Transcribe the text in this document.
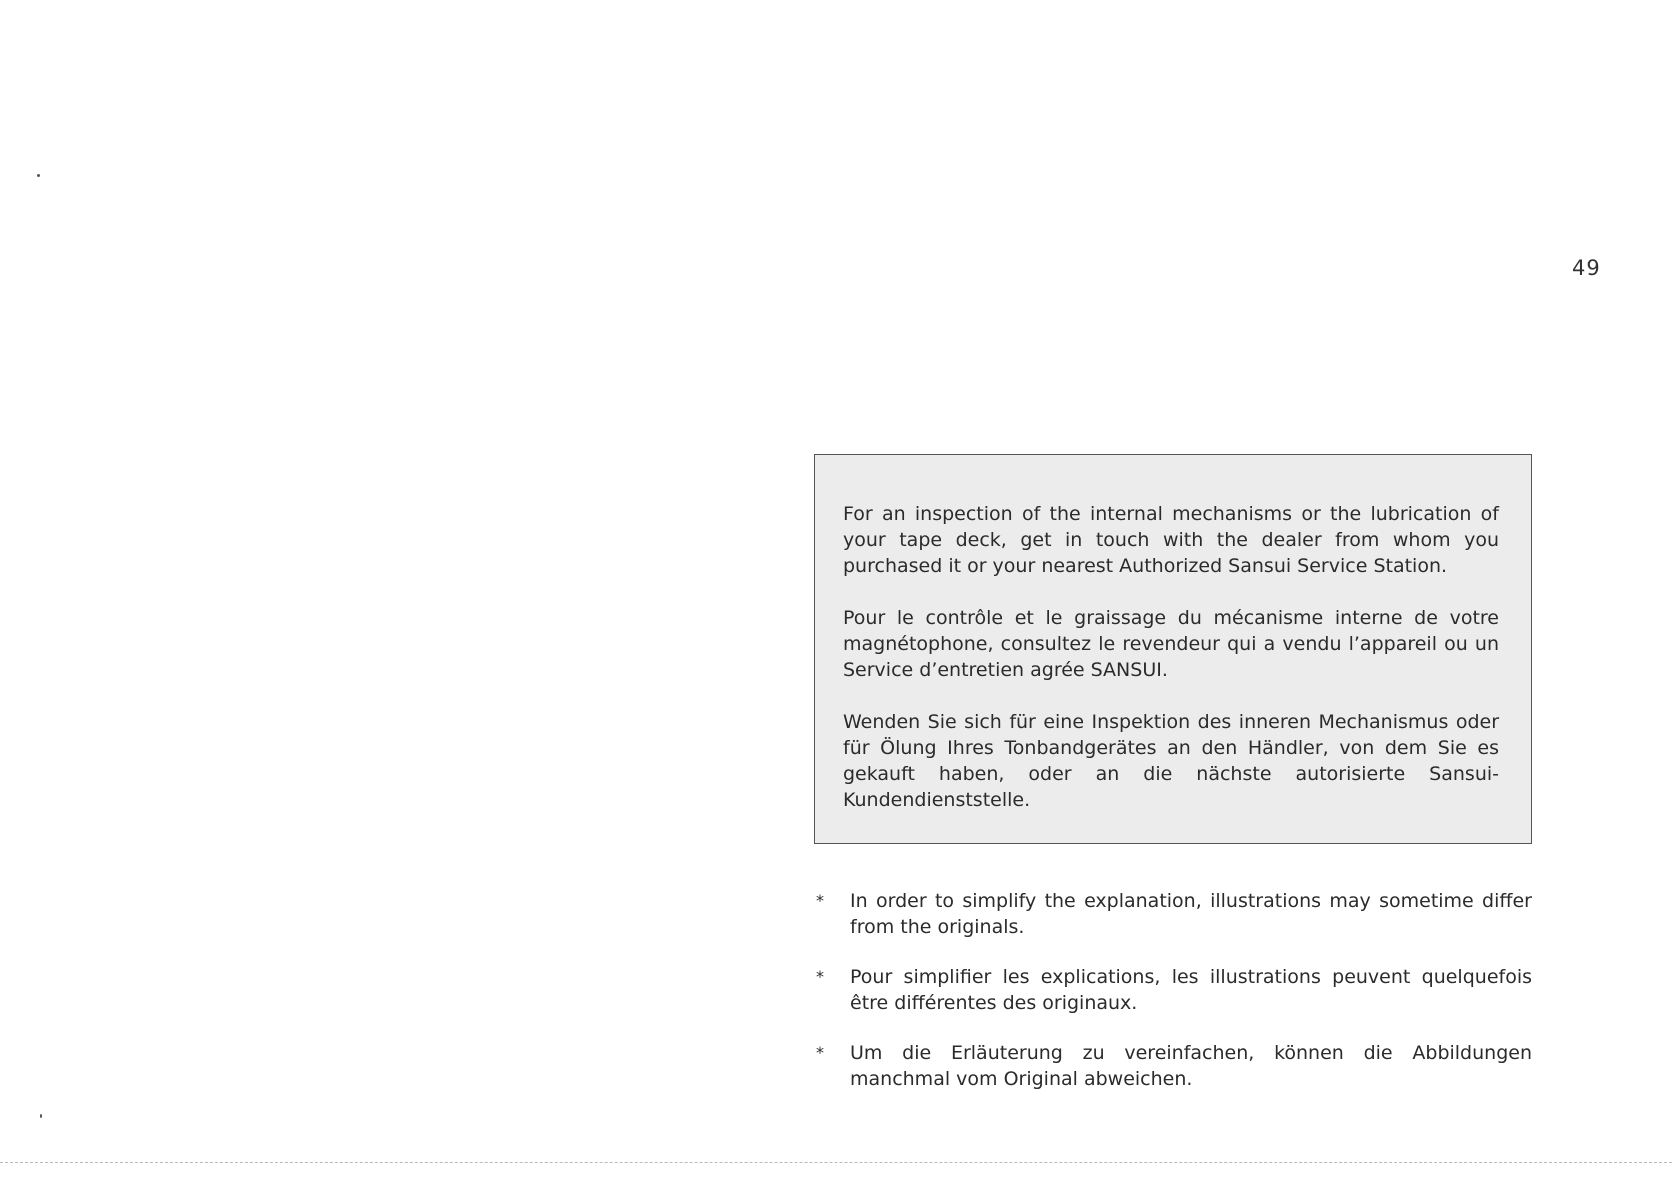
49

For an inspection of the internal mechanisms or the lubrication of your tape deck, get in touch with the dealer from whom you purchased it or your nearest Authorized Sansui Service Station.

Pour le contrôle et le graissage du mécanisme interne de votre magnétophone, consultez le revendeur qui a vendu l’appareil ou un Service d’entretien agrée SANSUI.

Wenden Sie sich für eine Inspektion des inneren Mechanismus oder für Ölung Ihres Tonbandgerätes an den Händler, von dem Sie es gekauft haben, oder an die nächste autorisierte Sansui-Kundendienststelle.

* In order to simplify the explanation, illustrations may sometime differ from the originals.
* Pour simplifier les explications, les illustrations peuvent quelquefois être différentes des originaux.
* Um die Erläuterung zu vereinfachen, können die Abbildungen manchmal vom Original abweichen.
